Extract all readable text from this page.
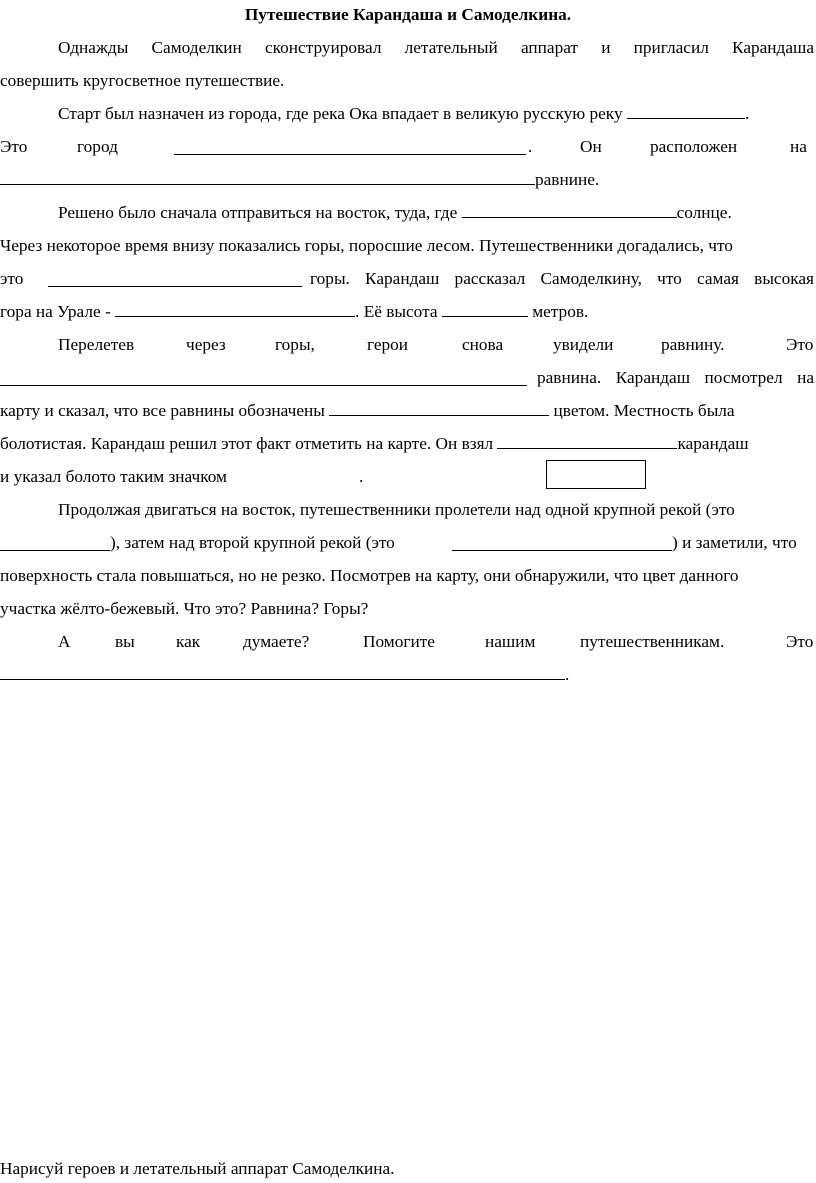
Путешествие Карандаша и Самоделкина.
Однажды Самоделкин сконструировал летательный аппарат и пригласил Карандаша
совершить кругосветное путешествие.
Старт был назначен из города, где река Ока впадает в великую русскую реку	.
Это	город	.	Он	расположен	на
равнине.
Решено было сначала отправиться на восток, туда, где	солнце.
Через некоторое время внизу показались горы, поросшие лесом. Путешественники догадались, что
это	горы. Карандаш рассказал Самоделкину, что самая высокая
гора на Урале -	. Её высота	метров.
Перелетев	через	горы,	герои	снова	увидели	равнину.	Это
равнина. Карандаш посмотрел на
карту и сказал, что все равнины обозначены	цветом. Местность была
болотистая. Карандаш решил этот факт отметить на карте. Он взял	карандаш
и указал болото таким значком	.
Продолжая двигаться на восток, путешественники пролетели над одной крупной рекой (это
), затем над второй крупной рекой (это	) и заметили, что
поверхность стала повышаться, но не резко. Посмотрев на карту, они обнаружили, что цвет данного
участка жёлто-бежевый. Что это? Равнина? Горы?
А	вы как думаете?	Помогите	нашим	путешественникам.	Это
.
Нарисуй героев и летательный аппарат Самоделкина.
